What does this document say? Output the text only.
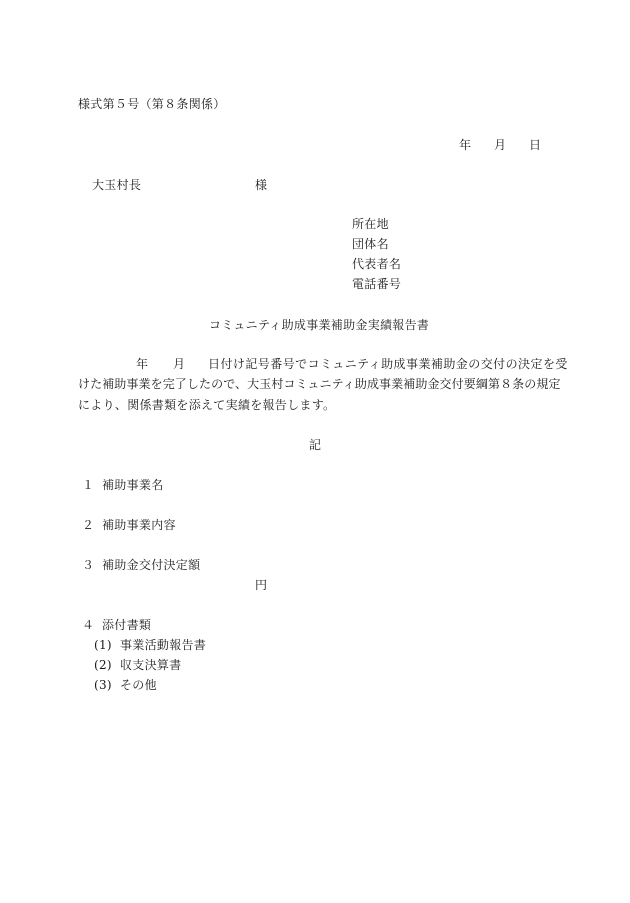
様式第５号（第８条関係）
年 月 日
大玉村長	様
所在地
団体名
代表者名
電話番号
コミュニティ助成事業補助金実績報告書
年 月 日付け記号番号でコミュニティ助成事業補助金の交付の決定を受
けた補助事業を完了したので、大玉村コミュニティ助成事業補助金交付要綱第８条の規定
により、関係書類を添えて実績を報告します。
記
１ 補助事業名
２ 補助事業内容
３ 補助金交付決定額
円
４ 添付書類
(1) 事業活動報告書
(2) 収支決算書
(3) その他
